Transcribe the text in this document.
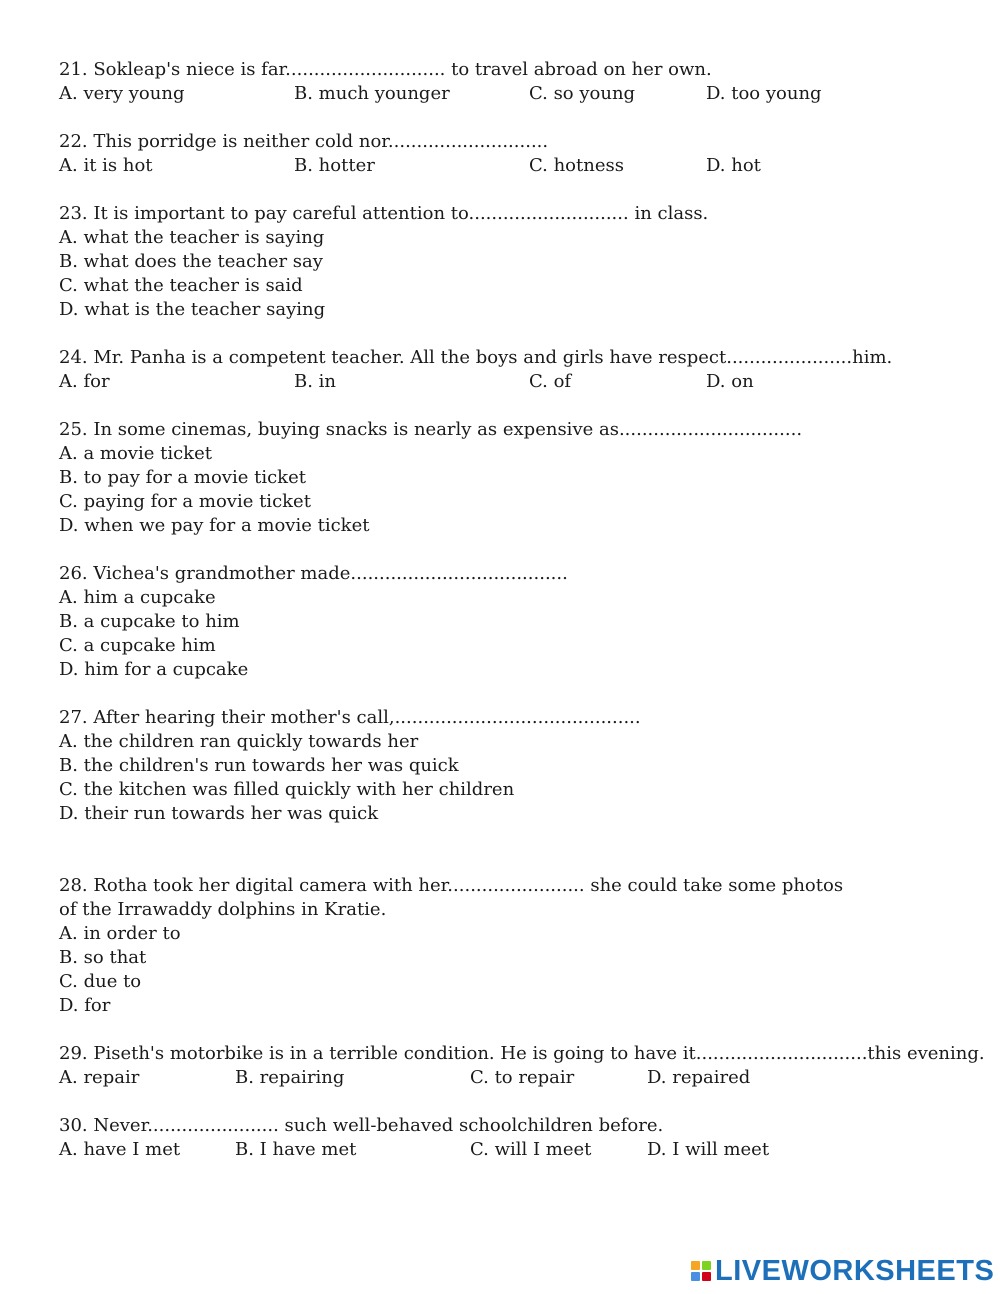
21. Sokleap's niece is far............................ to travel abroad on her own.
A. very young	B. much younger	C. so young	D. too young
22. This porridge is neither cold nor............................
A. it is hot	B. hotter	C. hotness	D. hot
23. It is important to pay careful attention to............................ in class.
A. what the teacher is saying
B. what does the teacher say
C. what the teacher is said
D. what is the teacher saying
24. Mr. Panha is a competent teacher. All the boys and girls have respect......................him.
A. for	B. in	C. of	D. on
25. In some cinemas, buying snacks is nearly as expensive as................................
A. a movie ticket
B. to pay for a movie ticket
C. paying for a movie ticket
D. when we pay for a movie ticket
26. Vichea's grandmother made......................................
A. him a cupcake
B. a cupcake to him
C. a cupcake him
D. him for a cupcake
27. After hearing their mother's call,...........................................
A. the children ran quickly towards her
B. the children's run towards her was quick
C. the kitchen was filled quickly with her children
D. their run towards her was quick
28. Rotha took her digital camera with her........................ she could take some photos of the Irrawaddy dolphins in Kratie.
A. in order to
B. so that
C. due to
D. for
29. Piseth's motorbike is in a terrible condition. He is going to have it..............................this evening.
A. repair	B. repairing	C. to repair	D. repaired
30. Never....................... such well-behaved schoolchildren before.
A. have I met	B. I have met	C. will I meet	D. I will meet
LIVEWORKSHEETS
